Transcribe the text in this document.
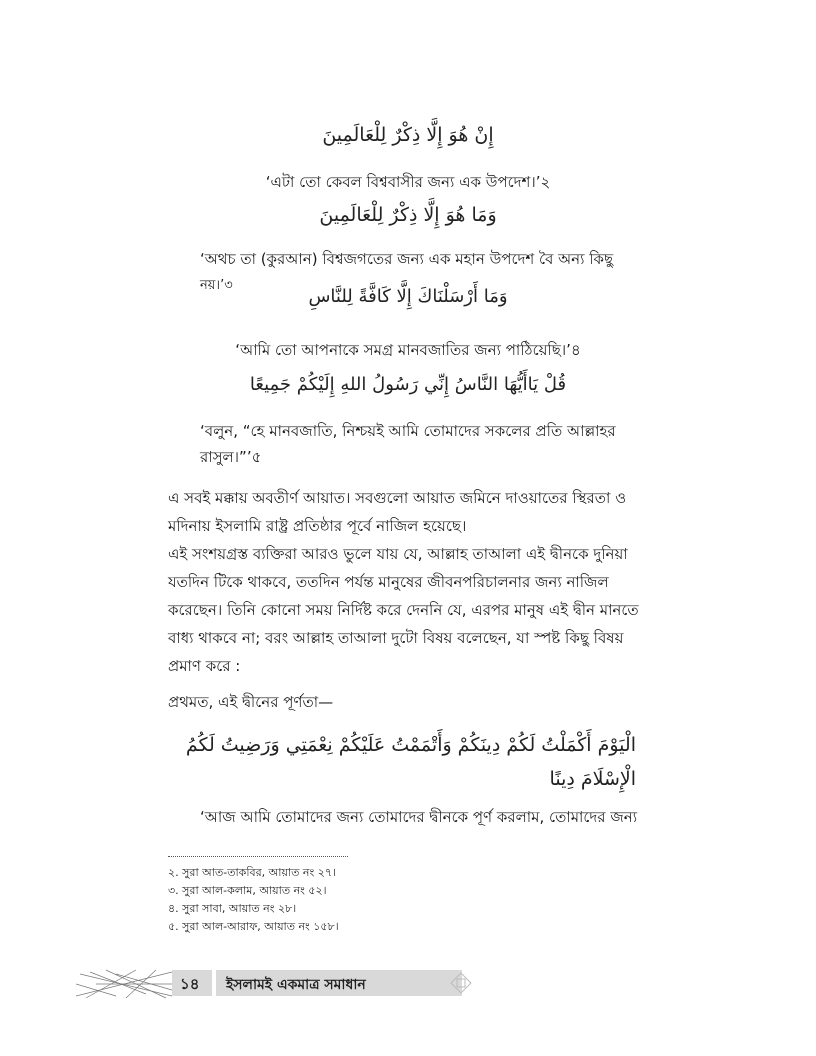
إِنْ هُوَ إِلَّا ذِكْرٌ لِلْعَالَمِينَ
‘এটা তো কেবল বিশ্ববাসীর জন্য এক উপদেশ।’২
وَمَا هُوَ إِلَّا ذِكْرٌ لِلْعَالَمِينَ
‘অথচ তা (কুরআন) বিশ্বজগতের জন্য এক মহান উপদেশ বৈ অন্য কিছু
নয়।’৩
وَمَا أَرْسَلْنَاكَ إِلَّا كَافَّةً لِلنَّاسِ
‘আমি তো আপনাকে সমগ্র মানবজাতির জন্য পাঠিয়েছি।’৪
قُلْ يَاأَيُّهَا النَّاسُ إِنِّي رَسُولُ اللهِ إِلَيْكُمْ جَمِيعًا
‘বলুন, “হে মানবজাতি, নিশ্চয়ই আমি তোমাদের সকলের প্রতি আল্লাহর
রাসুল।”’৫
এ সবই মক্কায় অবতীর্ণ আয়াত। সবগুলো আয়াত জমিনে দাওয়াতের স্থিরতা ও
মদিনায় ইসলামি রাষ্ট্র প্রতিষ্ঠার পূর্বে নাজিল হয়েছে।
এই সংশয়গ্রস্ত ব্যক্তিরা আরও ভুলে যায় যে, আল্লাহ তাআলা এই দ্বীনকে দুনিয়া
যতদিন টিকে থাকবে, ততদিন পর্যন্ত মানুষের জীবনপরিচালনার জন্য নাজিল
করেছেন। তিনি কোনো সময় নির্দিষ্ট করে দেননি যে, এরপর মানুষ এই দ্বীন মানতে
বাধ্য থাকবে না; বরং আল্লাহ তাআলা দুটো বিষয় বলেছেন, যা স্পষ্ট কিছু বিষয়
প্রমাণ করে :
প্রথমত, এই দ্বীনের পূর্ণতা—
الْيَوْمَ أَكْمَلْتُ لَكُمْ دِينَكُمْ وَأَتْمَمْتُ عَلَيْكُمْ نِعْمَتِي وَرَضِيتُ لَكُمُ
الْإِسْلَامَ دِينًا
‘আজ আমি তোমাদের জন্য তোমাদের দ্বীনকে পূর্ণ করলাম, তোমাদের জন্য
২. সুরা আত-তাকবির, আয়াত নং ২৭।
৩. সুরা আল-কলাম, আয়াত নং ৫২।
৪. সুরা সাবা, আয়াত নং ২৮।
৫. সুরা আল-আরাফ, আয়াত নং ১৫৮।
১৪ ইসলামই একমাত্র সমাধান
